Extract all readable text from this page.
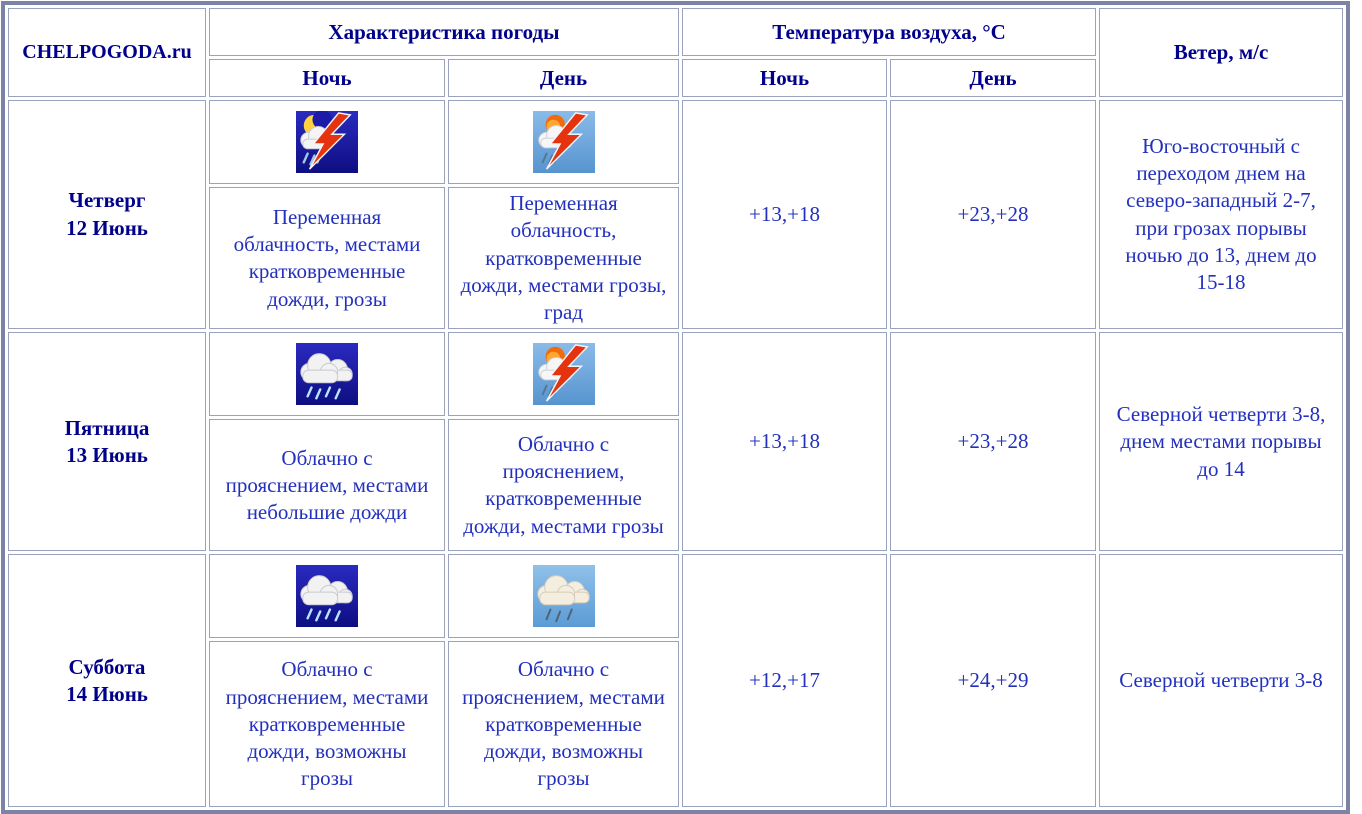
CHELPOGODA.ru	Характеристика погоды		Температура воздуха, °C		Ветер, м/с
	Ночь	День	Ночь	День	
Четверг
12 Июнь			+13,+18	+23,+28	Юго-восточный с переходом днем на северо-западный 2-7, при грозах порывы ночью до 13, днем до 15-18
	Переменная облачность, местами кратковременные дожди, грозы	Переменная облачность, кратковременные дожди, местами грозы, град			
Пятница
13 Июнь			+13,+18	+23,+28	Северной четверти 3-8, днем местами порывы до 14
	Облачно с прояснением, местами небольшие дожди	Облачно с прояснением, кратковременные дожди, местами грозы			
Суббота
14 Июнь			+12,+17	+24,+29	Северной четверти 3-8
	Облачно с прояснением, местами кратковременные дожди, возможны грозы	Облачно с прояснением, местами кратковременные дожди, возможны грозы			
